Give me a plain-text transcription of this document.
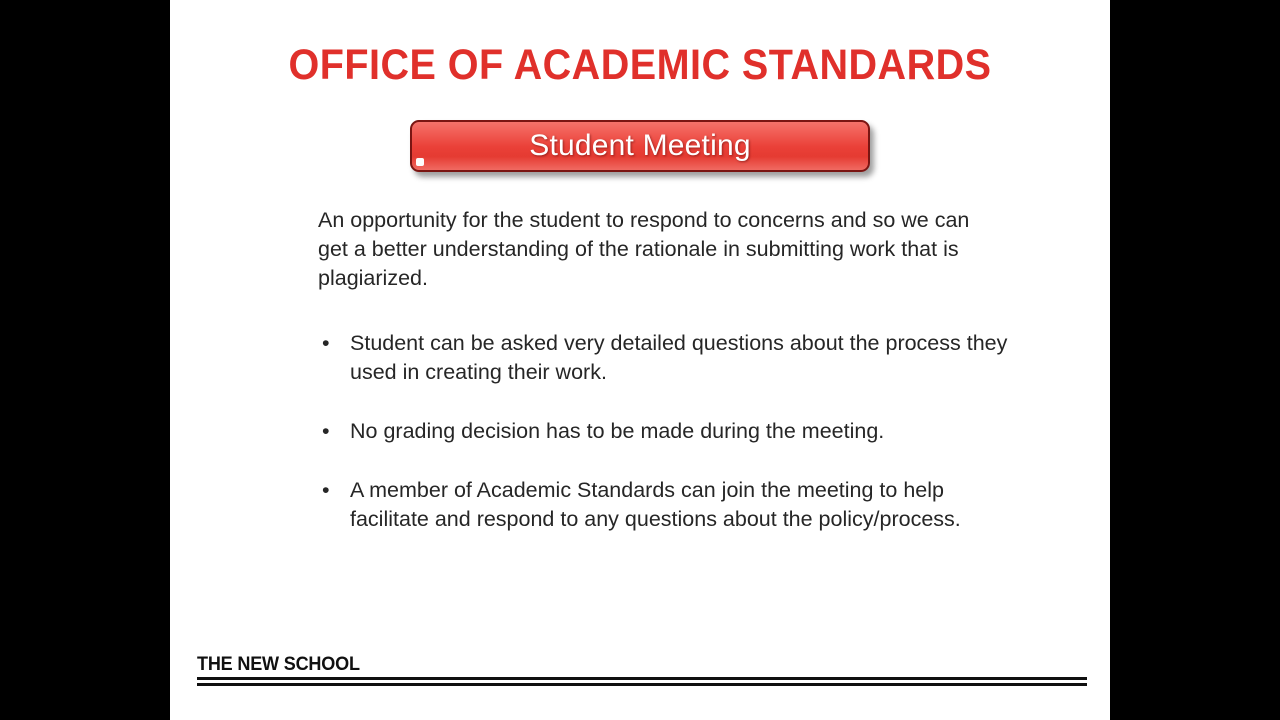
OFFICE OF ACADEMIC STANDARDS
Student Meeting

An opportunity for the student to respond to concerns and so we can get a better understanding of the rationale in submitting work that is plagiarized.

• Student can be asked very detailed questions about the process they used in creating their work.
• No grading decision has to be made during the meeting.
• A member of Academic Standards can join the meeting to help facilitate and respond to any questions about the policy/process.
THE NEW SCHOOL
